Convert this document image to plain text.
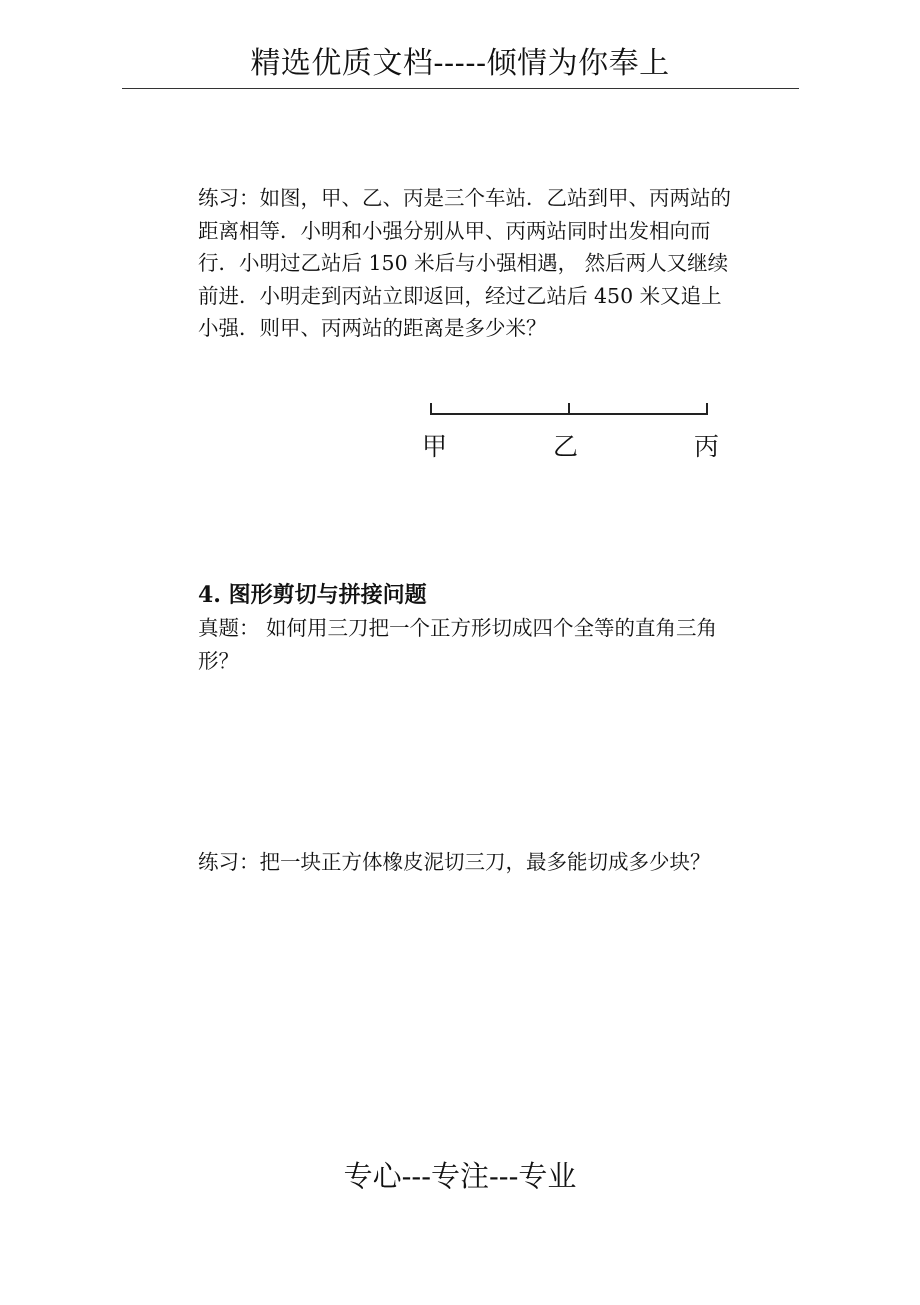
精选优质文档-----倾情为你奉上

练习：如图，甲、乙、丙是三个车站．乙站到甲、丙两站的距离相等．小明和小强分别从甲、丙两站同时出发相向而行．小明过乙站后 150 米后与小强相遇， 然后两人又继续前进．小明走到丙站立即返回，经过乙站后 450 米又追上小强．则甲、丙两站的距离是多少米？

甲	乙	丙

4. 图形剪切与拼接问题

真题： 如何用三刀把一个正方形切成四个全等的直角三角形？

练习：把一块正方体橡皮泥切三刀，最多能切成多少块？

专心---专注---专业
